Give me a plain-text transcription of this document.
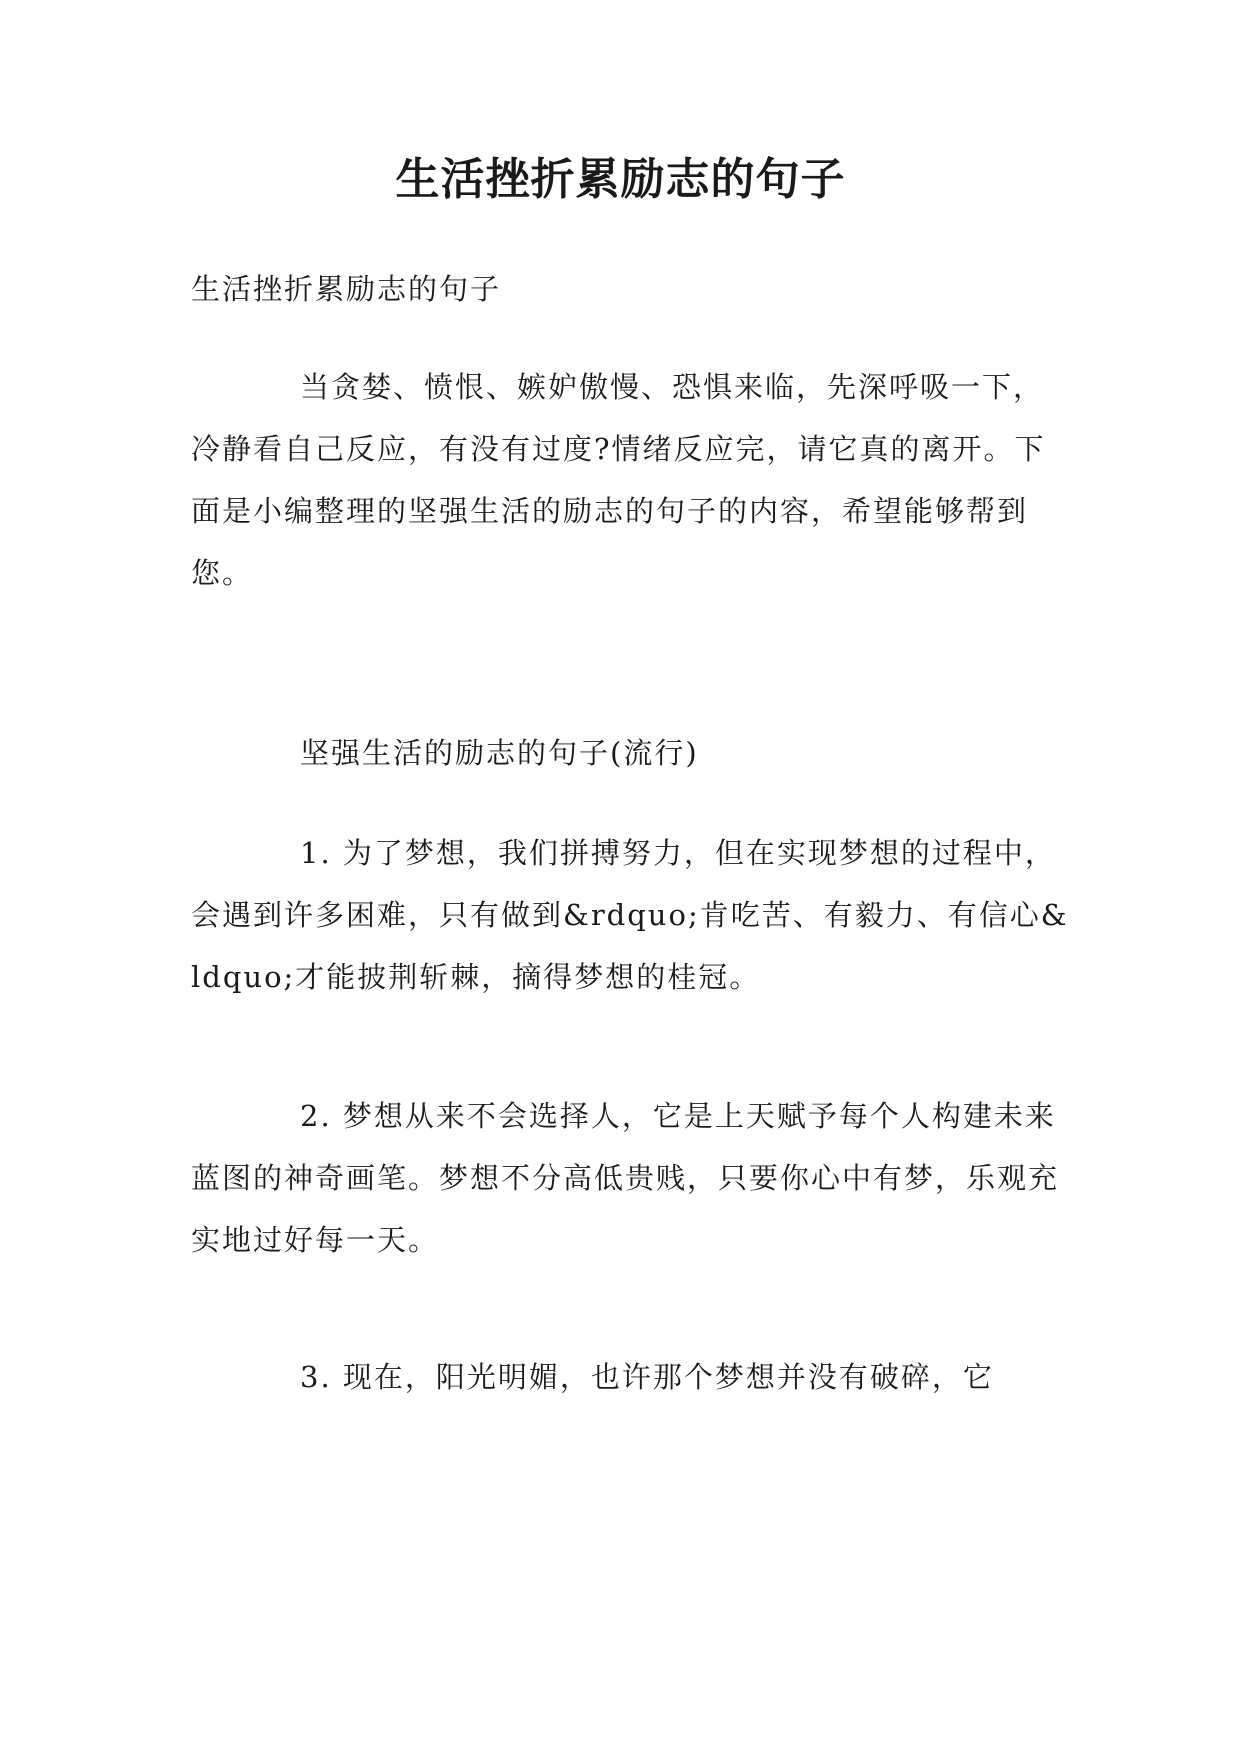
生活挫折累励志的句子

生活挫折累励志的句子

当贪婪、愤恨、嫉妒傲慢、恐惧来临，先深呼吸一下，冷静看自己反应，有没有过度?情绪反应完，请它真的离开。下面是小编整理的坚强生活的励志的句子的内容，希望能够帮到您。

坚强生活的励志的句子(流行)

1. 为了梦想，我们拼搏努力，但在实现梦想的过程中，会遇到许多困难，只有做到&rdquo;肯吃苦、有毅力、有信心&ldquo;才能披荆斩棘，摘得梦想的桂冠。

2. 梦想从来不会选择人，它是上天赋予每个人构建未来蓝图的神奇画笔。梦想不分高低贵贱，只要你心中有梦，乐观充实地过好每一天。

3. 现在，阳光明媚，也许那个梦想并没有破碎，它
